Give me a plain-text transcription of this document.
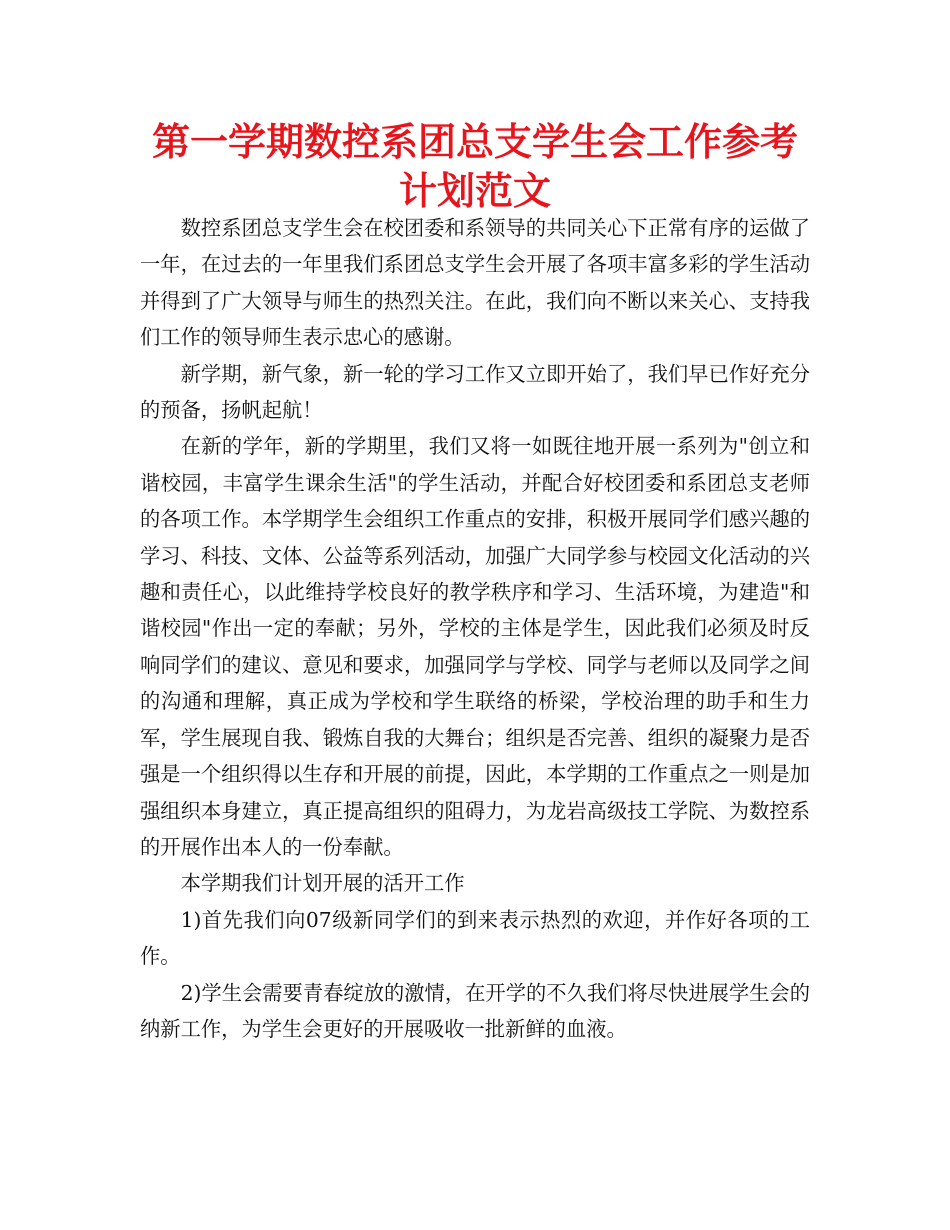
第一学期数控系团总支学生会工作参考计划范文

数控系团总支学生会在校团委和系领导的共同关心下正常有序的运做了一年，在过去的一年里我们系团总支学生会开展了各项丰富多彩的学生活动并得到了广大领导与师生的热烈关注。在此，我们向不断以来关心、支持我们工作的领导师生表示忠心的感谢。

新学期，新气象，新一轮的学习工作又立即开始了，我们早已作好充分的预备，扬帆起航！

在新的学年，新的学期里，我们又将一如既往地开展一系列为"创立和谐校园，丰富学生课余生活"的学生活动，并配合好校团委和系团总支老师的各项工作。本学期学生会组织工作重点的安排，积极开展同学们感兴趣的学习、科技、文体、公益等系列活动，加强广大同学参与校园文化活动的兴趣和责任心，以此维持学校良好的教学秩序和学习、生活环境，为建造"和谐校园"作出一定的奉献；另外，学校的主体是学生，因此我们必须及时反响同学们的建议、意见和要求，加强同学与学校、同学与老师以及同学之间的沟通和理解，真正成为学校和学生联络的桥梁，学校治理的助手和生力军，学生展现自我、锻炼自我的大舞台；组织是否完善、组织的凝聚力是否强是一个组织得以生存和开展的前提，因此，本学期的工作重点之一则是加强组织本身建立，真正提高组织的阻碍力，为龙岩高级技工学院、为数控系的开展作出本人的一份奉献。

本学期我们计划开展的活开工作

1)首先我们向07级新同学们的到来表示热烈的欢迎，并作好各项的工作。

2)学生会需要青春绽放的激情，在开学的不久我们将尽快进展学生会的纳新工作，为学生会更好的开展吸收一批新鲜的血液。
